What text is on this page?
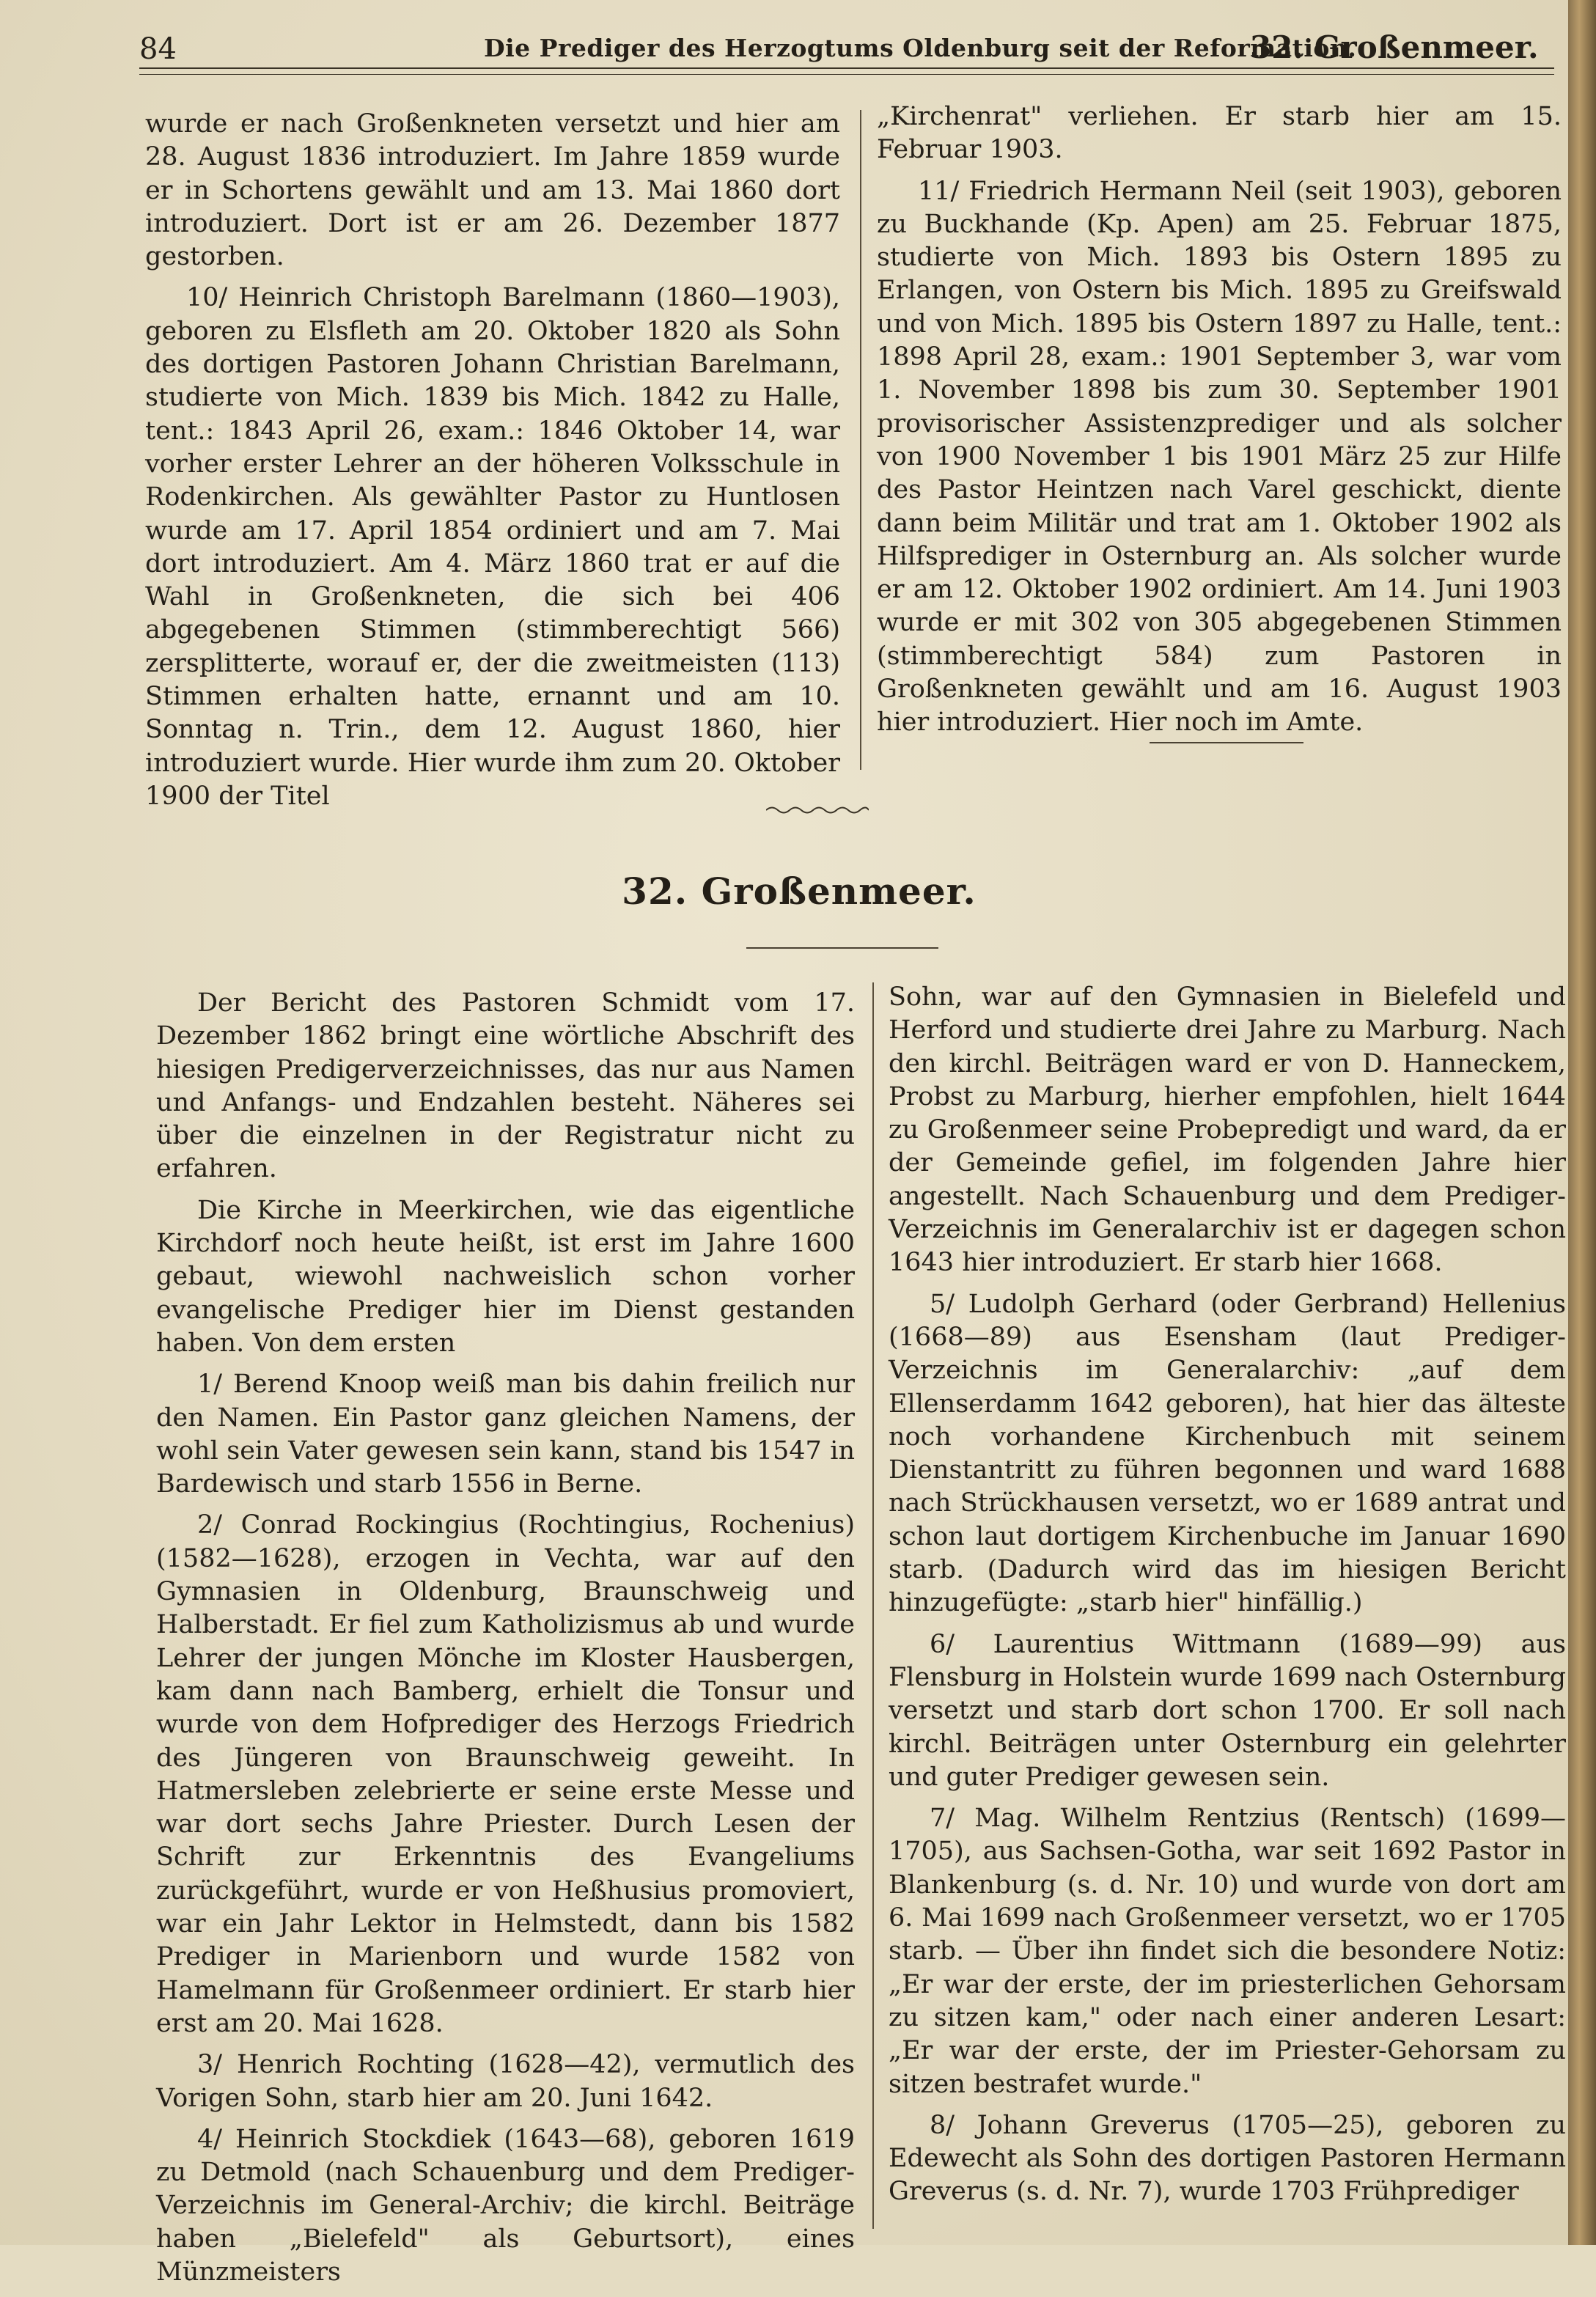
84	Die Prediger des Herzogtums Oldenburg seit der Reformation.
32. Großenmeer.

wurde er nach Großenkneten versetzt und hier am 28. August 1836 introduziert. Im Jahre 1859 wurde er in Schortens gewählt und am 13. Mai 1860 dort introduziert. Dort ist er am 26. Dezember 1877 gestorben.

10/ Heinrich Christoph Barelmann (1860—1903), geboren zu Elsfleth am 20. Oktober 1820 als Sohn des dortigen Pastoren Johann Christian Barelmann, studierte von Mich. 1839 bis Mich. 1842 zu Halle, tent.: 1843 April 26, exam.: 1846 Oktober 14, war vorher erster Lehrer an der höheren Volksschule in Rodenkirchen. Als gewählter Pastor zu Huntlosen wurde am 17. April 1854 ordiniert und am 7. Mai dort introduziert. Am 4. März 1860 trat er auf die Wahl in Großenkneten, die sich bei 406 abgegebenen Stimmen (stimmberechtigt 566) zersplitterte, worauf er, der die zweitmeisten (113) Stimmen erhalten hatte, ernannt und am 10. Sonntag n. Trin., dem 12. August 1860, hier introduziert wurde. Hier wurde ihm zum 20. Oktober 1900 der Titel

„Kirchenrat" verliehen. Er starb hier am 15. Februar 1903.

11/ Friedrich Hermann Neil (seit 1903), geboren zu Buckhande (Kp. Apen) am 25. Februar 1875, studierte von Mich. 1893 bis Ostern 1895 zu Erlangen, von Ostern bis Mich. 1895 zu Greifswald und von Mich. 1895 bis Ostern 1897 zu Halle, tent.: 1898 April 28, exam.: 1901 September 3, war vom 1. November 1898 bis zum 30. September 1901 provisorischer Assistenzprediger und als solcher von 1900 November 1 bis 1901 März 25 zur Hilfe des Pastor Heintzen nach Varel geschickt, diente dann beim Militär und trat am 1. Oktober 1902 als Hilfsprediger in Osternburg an. Als solcher wurde er am 12. Oktober 1902 ordiniert. Am 14. Juni 1903 wurde er mit 302 von 305 abgegebenen Stimmen (stimmberechtigt 584) zum Pastoren in Großenkneten gewählt und am 16. August 1903 hier introduziert. Hier noch im Amte.

32. Großenmeer.

Der Bericht des Pastoren Schmidt vom 17. Dezember 1862 bringt eine wörtliche Abschrift des hiesigen Predigerverzeichnisses, das nur aus Namen und Anfangs- und Endzahlen besteht. Näheres sei über die einzelnen in der Registratur nicht zu erfahren.

Die Kirche in Meerkirchen, wie das eigentliche Kirchdorf noch heute heißt, ist erst im Jahre 1600 gebaut, wiewohl nachweislich schon vorher evangelische Prediger hier im Dienst gestanden haben. Von dem ersten

1/ Berend Knoop weiß man bis dahin freilich nur den Namen. Ein Pastor ganz gleichen Namens, der wohl sein Vater gewesen sein kann, stand bis 1547 in Bardewisch und starb 1556 in Berne.

2/ Conrad Rockingius (Rochtingius, Rochenius) (1582—1628), erzogen in Vechta, war auf den Gymnasien in Oldenburg, Braunschweig und Halberstadt. Er fiel zum Katholizismus ab und wurde Lehrer der jungen Mönche im Kloster Hausbergen, kam dann nach Bamberg, erhielt die Tonsur und wurde von dem Hofprediger des Herzogs Friedrich des Jüngeren von Braunschweig geweiht. In Hatmersleben zelebrierte er seine erste Messe und war dort sechs Jahre Priester. Durch Lesen der Schrift zur Erkenntnis des Evangeliums zurückgeführt, wurde er von Heßhusius promoviert, war ein Jahr Lektor in Helmstedt, dann bis 1582 Prediger in Marienborn und wurde 1582 von Hamelmann für Großenmeer ordiniert. Er starb hier erst am 20. Mai 1628.

3/ Henrich Rochting (1628—42), vermutlich des Vorigen Sohn, starb hier am 20. Juni 1642.

4/ Heinrich Stockdiek (1643—68), geboren 1619 zu Detmold (nach Schauenburg und dem Prediger-Verzeichnis im General-Archiv; die kirchl. Beiträge haben „Bielefeld" als Geburtsort), eines Münzmeisters

Sohn, war auf den Gymnasien in Bielefeld und Herford und studierte drei Jahre zu Marburg. Nach den kirchl. Beiträgen ward er von D. Hanneckem, Probst zu Marburg, hierher empfohlen, hielt 1644 zu Großenmeer seine Probepredigt und ward, da er der Gemeinde gefiel, im folgenden Jahre hier angestellt. Nach Schauenburg und dem Prediger-Verzeichnis im Generalarchiv ist er dagegen schon 1643 hier introduziert. Er starb hier 1668.

5/ Ludolph Gerhard (oder Gerbrand) Hellenius (1668—89) aus Esensham (laut Prediger-Verzeichnis im Generalarchiv: „auf dem Ellenserdamm 1642 geboren), hat hier das älteste noch vorhandene Kirchenbuch mit seinem Dienstantritt zu führen begonnen und ward 1688 nach Strückhausen versetzt, wo er 1689 antrat und schon laut dortigem Kirchenbuche im Januar 1690 starb. (Dadurch wird das im hiesigen Bericht hinzugefügte: „starb hier" hinfällig.)

6/ Laurentius Wittmann (1689—99) aus Flensburg in Holstein wurde 1699 nach Osternburg versetzt und starb dort schon 1700. Er soll nach kirchl. Beiträgen unter Osternburg ein gelehrter und guter Prediger gewesen sein.

7/ Mag. Wilhelm Rentzius (Rentsch) (1699—1705), aus Sachsen-Gotha, war seit 1692 Pastor in Blankenburg (s. d. Nr. 10) und wurde von dort am 6. Mai 1699 nach Großenmeer versetzt, wo er 1705 starb. — Über ihn findet sich die besondere Notiz: „Er war der erste, der im priesterlichen Gehorsam zu sitzen kam," oder nach einer anderen Lesart: „Er war der erste, der im Priester-Gehorsam zu sitzen bestrafet wurde."

8/ Johann Greverus (1705—25), geboren zu Edewecht als Sohn des dortigen Pastoren Hermann Greverus (s. d. Nr. 7), wurde 1703 Frühprediger
